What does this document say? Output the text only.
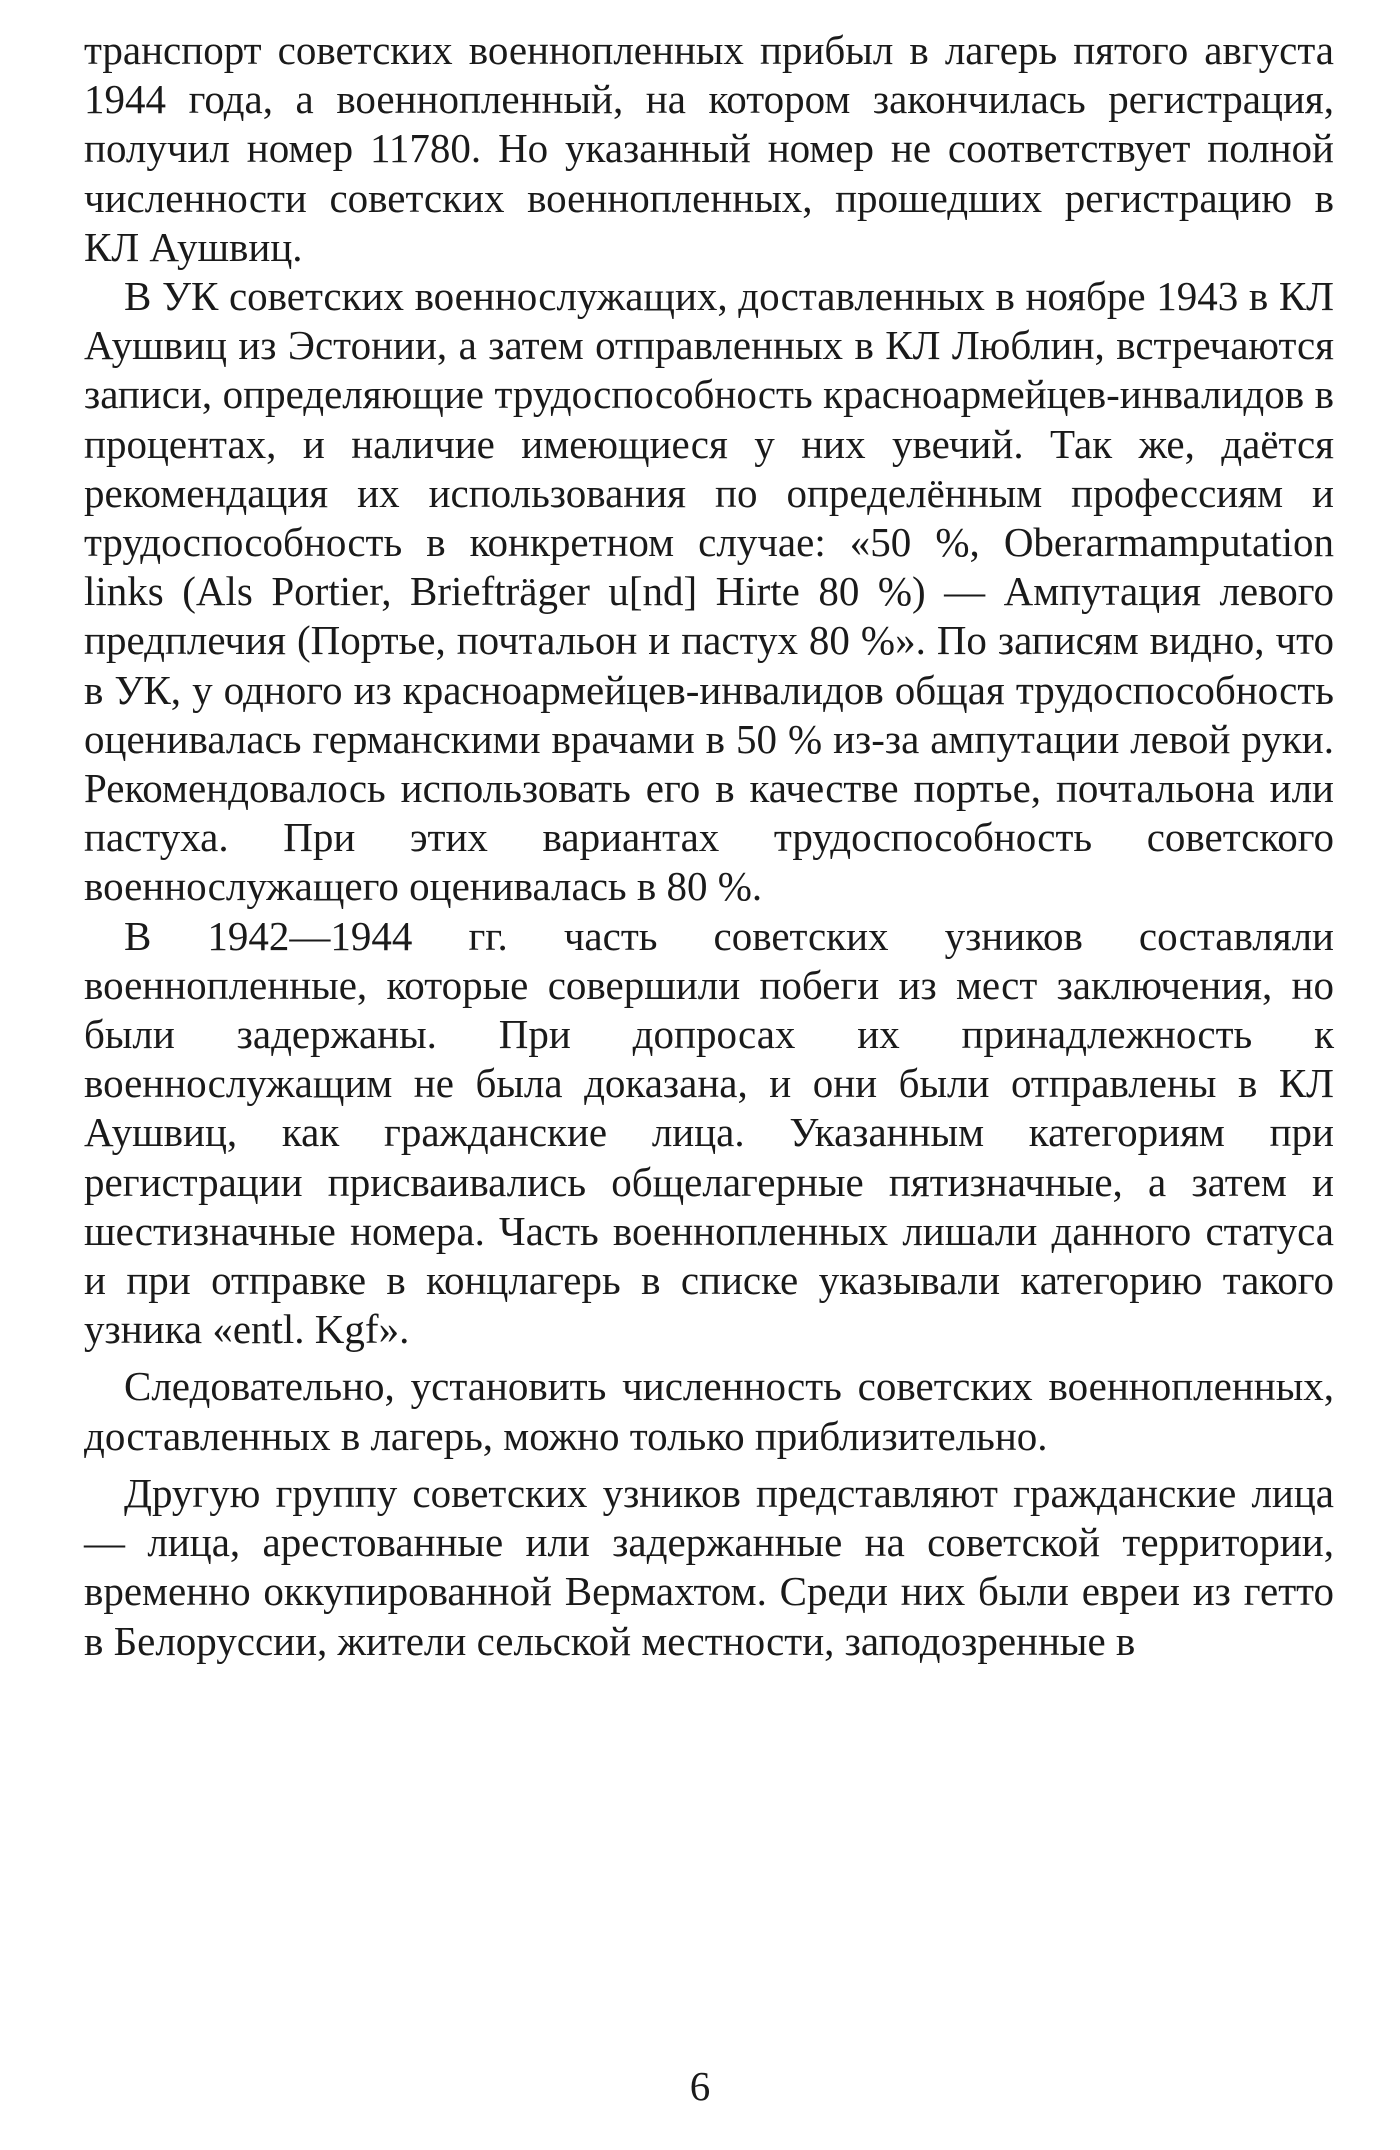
транспорт советских военнопленных прибыл в лагерь пятого августа 1944 года, а военнопленный, на котором закончилась регистрация, получил номер 11780. Но указанный номер не соответствует полной численности советских военнопленных, прошедших регистрацию в КЛ Аушвиц.

В УК советских военнослужащих, доставленных в ноябре 1943 в КЛ Аушвиц из Эстонии, а затем отправленных в КЛ Люблин, встречаются записи, определяющие трудоспособность красноармейцев-инвалидов в процентах, и наличие имеющиеся у них увечий. Так же, даётся рекомендация их использования по определённым профессиям и трудоспособность в конкретном случае: «50 %, Oberarmamputation links (Als Portier, Briefträger u[nd] Hirte 80 %) — Ампутация левого предплечия (Портье, почтальон и пастух 80 %». По записям видно, что в УК, у одного из красноармейцев-инвалидов общая трудоспособность оценивалась германскими врачами в 50 % из-за ампутации левой руки. Рекомендовалось использовать его в качестве портье, почтальона или пастуха. При этих вариантах трудоспособность советского военнослужащего оценивалась в 80 %.

В 1942—1944 гг. часть советских узников составляли военнопленные, которые совершили побеги из мест заключения, но были задержаны. При допросах их принадлежность к военнослужащим не была доказана, и они были отправлены в КЛ Аушвиц, как гражданские лица. Указанным категориям при регистрации присваивались общелагерные пятизначные, а затем и шестизначные номера. Часть военнопленных лишали данного статуса и при отправке в концлагерь в списке указывали категорию такого узника «entl. Kgf».

Следовательно, установить численность советских военнопленных, доставленных в лагерь, можно только приблизительно.

Другую группу советских узников представляют гражданские лица — лица, арестованные или задержанные на советской территории, временно оккупированной Вермахтом. Среди них были евреи из гетто в Белоруссии, жители сельской местности, заподозренные в

6
